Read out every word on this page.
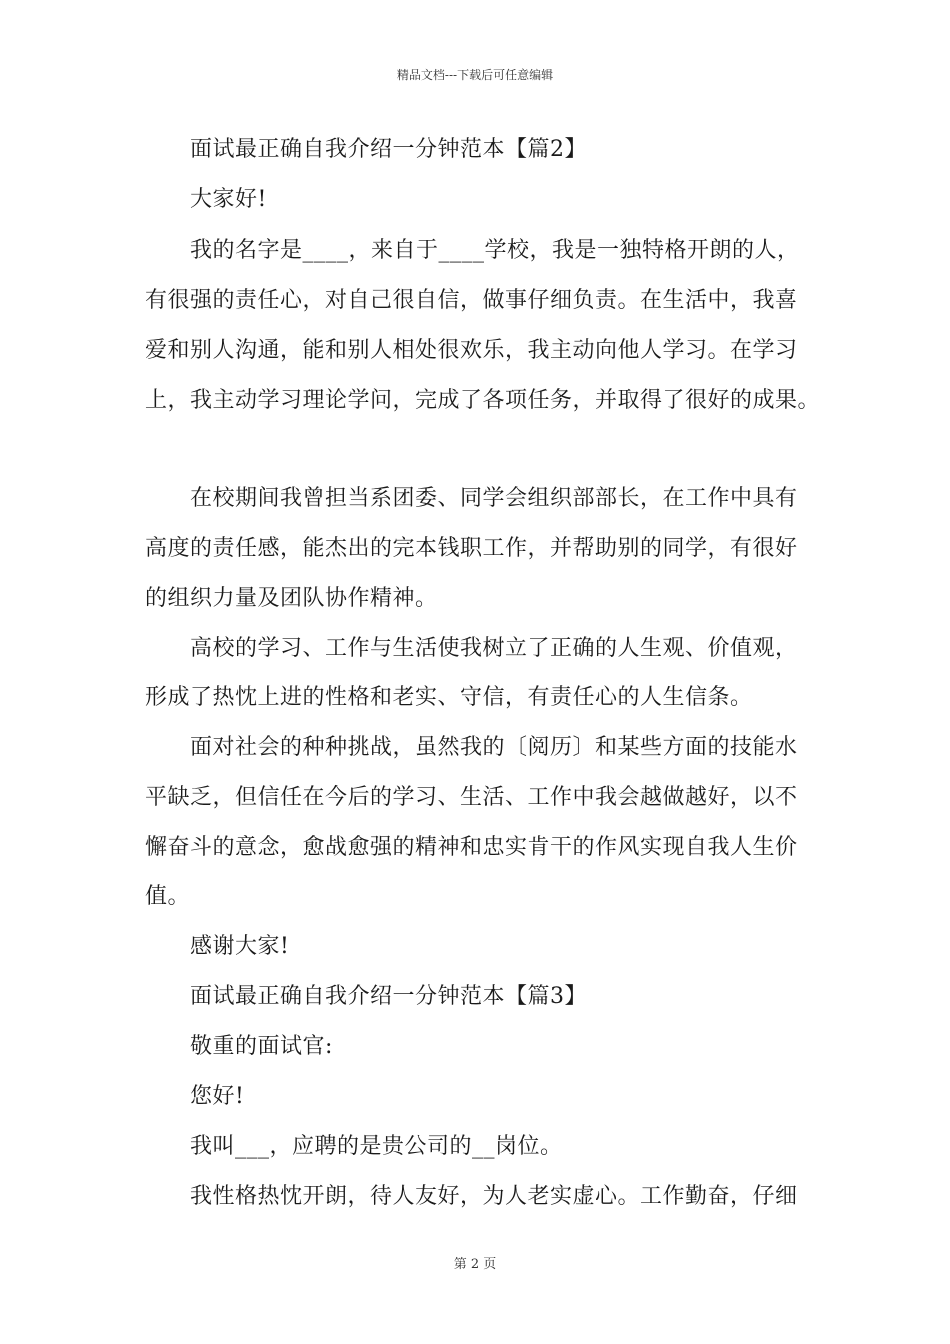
精品文档---下载后可任意编辑
面试最正确自我介绍一分钟范本【篇2】
大家好!
我的名字是____，来自于____学校，我是一独特格开朗的人，
有很强的责任心，对自己很自信，做事仔细负责。在生活中，我喜
爱和别人沟通，能和别人相处很欢乐，我主动向他人学习。在学习
上，我主动学习理论学问，完成了各项任务，并取得了很好的成果。
在校期间我曾担当系团委、同学会组织部部长，在工作中具有
高度的责任感，能杰出的完本钱职工作，并帮助别的同学，有很好
的组织力量及团队协作精神。
高校的学习、工作与生活使我树立了正确的人生观、价值观，
形成了热忱上进的性格和老实、守信，有责任心的人生信条。
面对社会的种种挑战，虽然我的〔阅历〕和某些方面的技能水
平缺乏，但信任在今后的学习、生活、工作中我会越做越好，以不
懈奋斗的意念，愈战愈强的精神和忠实肯干的作风实现自我人生价
值。
感谢大家!
面试最正确自我介绍一分钟范本【篇3】
敬重的面试官:
您好!
我叫___，应聘的是贵公司的__岗位。
我性格热忱开朗，待人友好，为人老实虚心。工作勤奋，仔细
第 2 页
